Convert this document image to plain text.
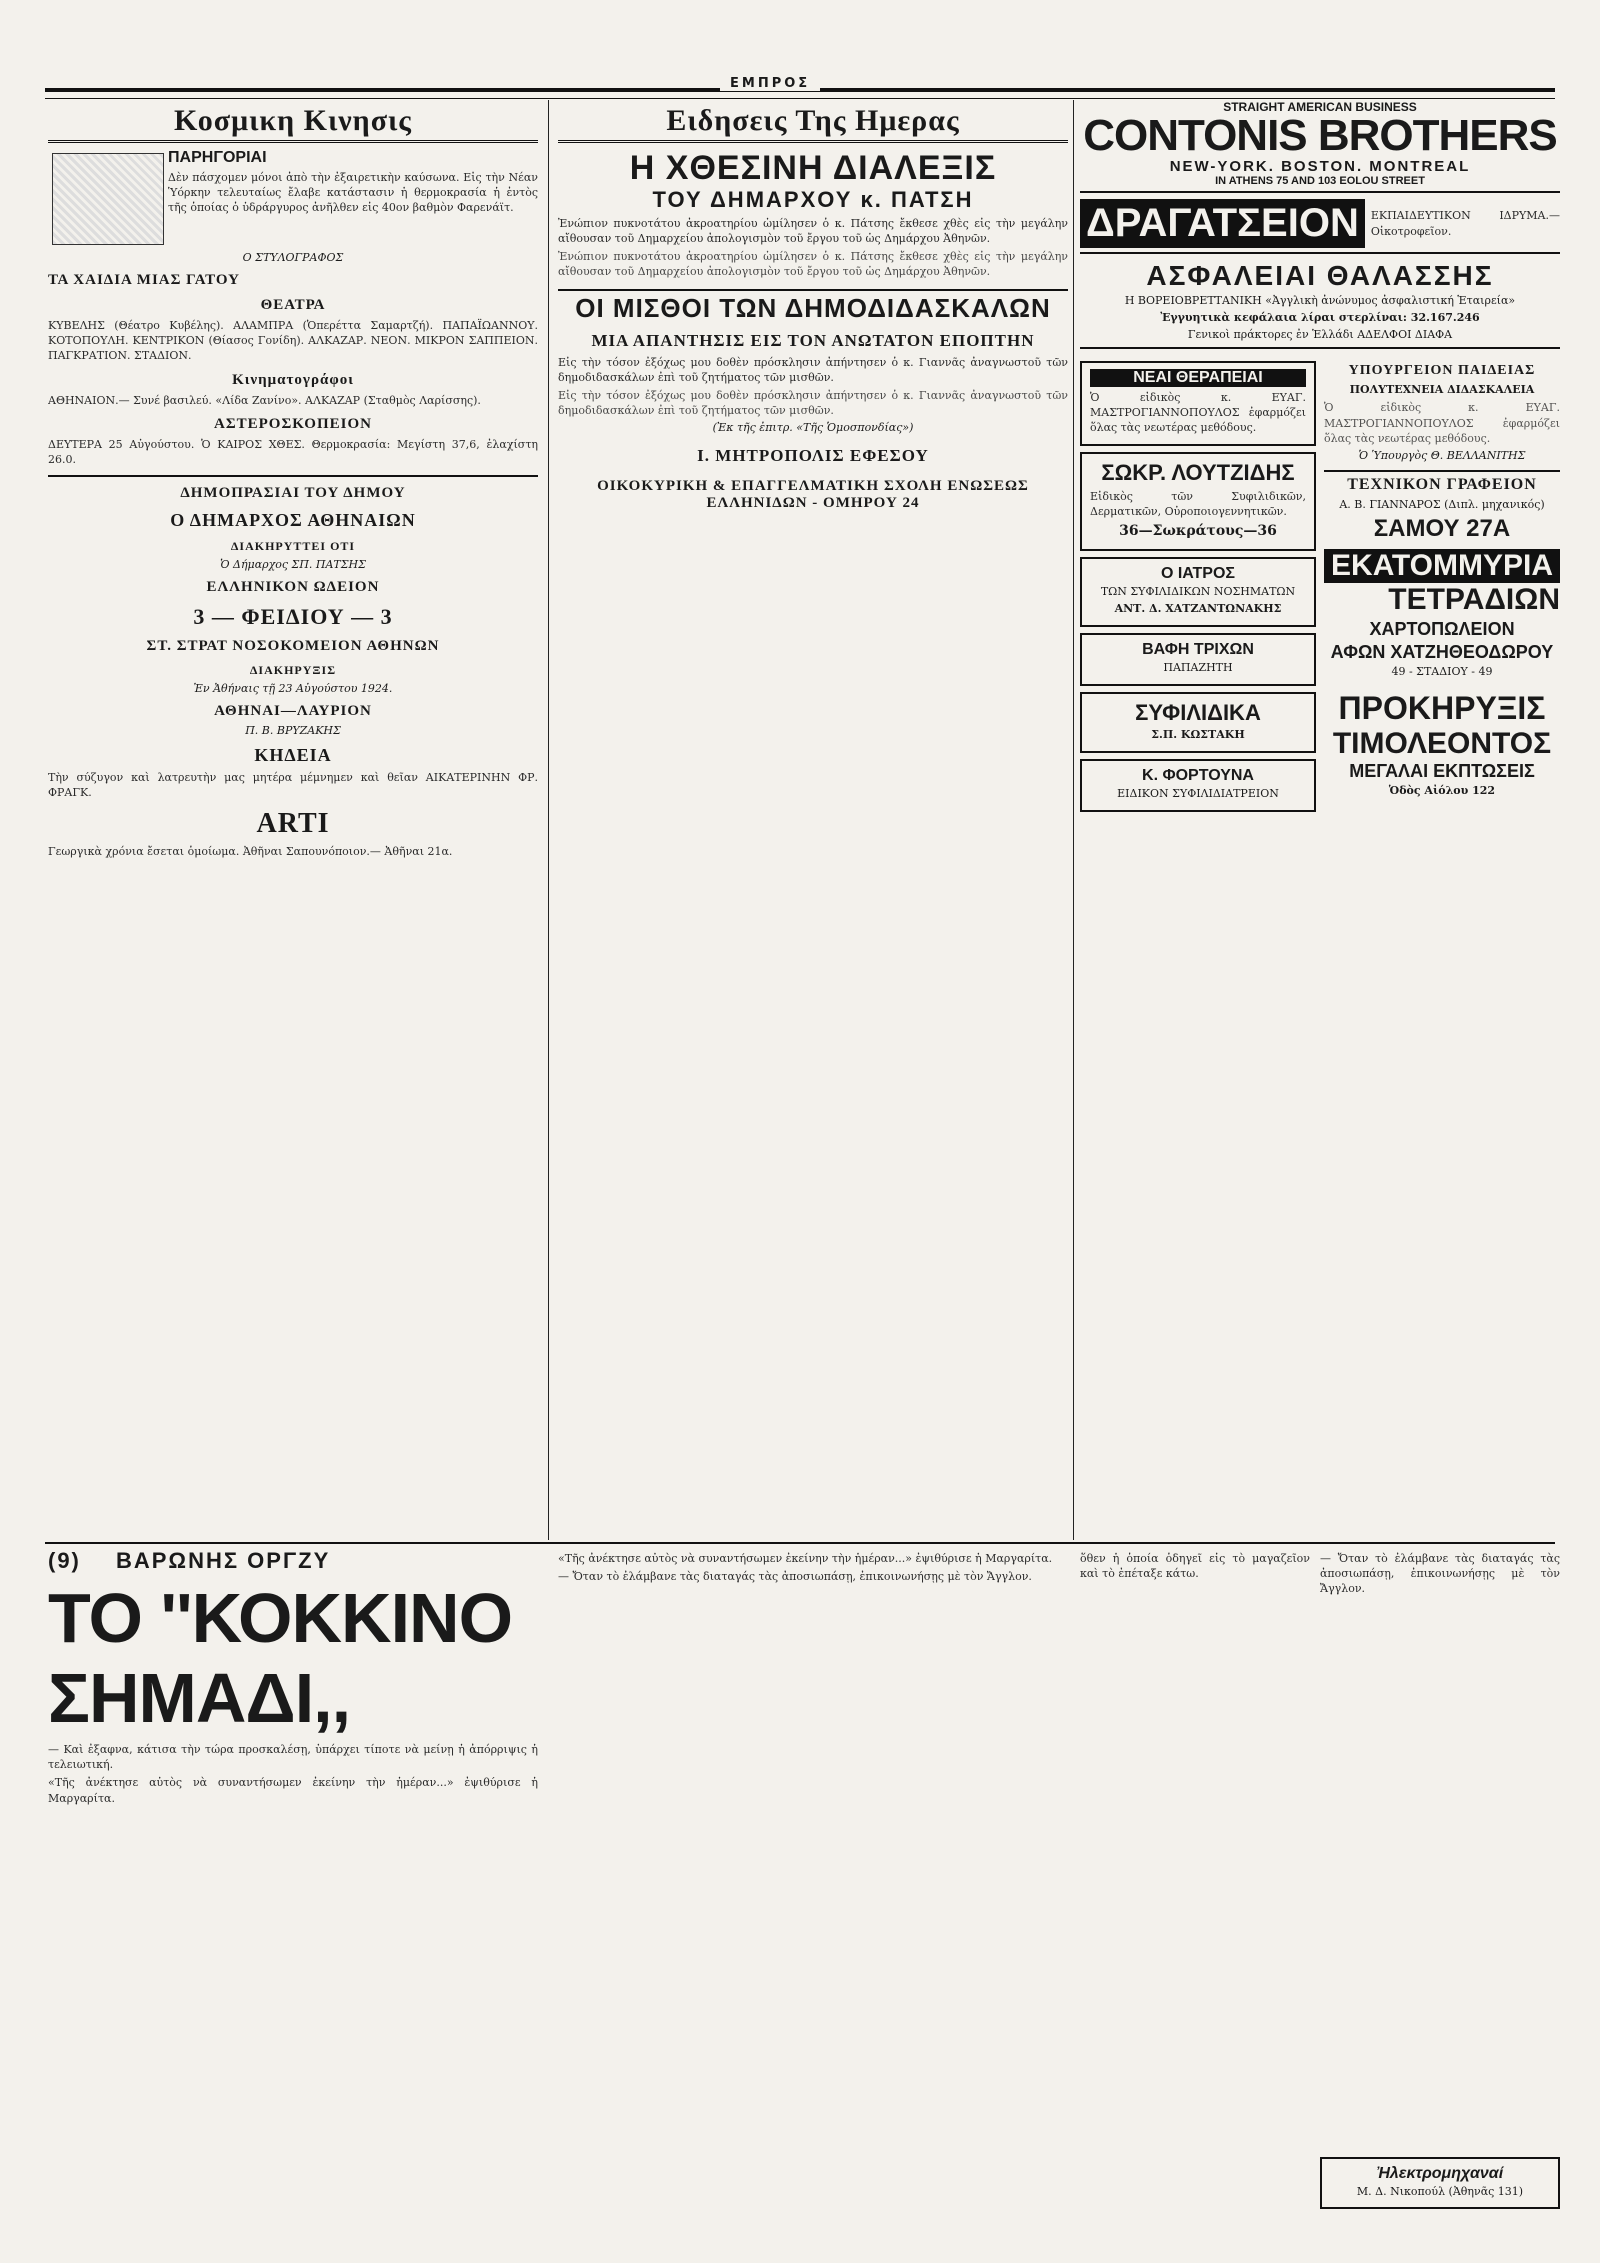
ΕΜΠΡΟΣ
Κοσμικη Κινησις
ΠΑΡΗΓΟΡΙΑΙ

Δὲν πάσχομεν μόνοι ἀπὸ τὴν ἐξαιρετικὴν καύσωνα. Εἰς τὴν Νέαν Ὑόρκην τελευταίως ἔλαβε κατάστασιν ἡ θερμοκρασία ἡ ἐντὸς τῆς ὁποίας ὁ ὑδράργυρος ἀνῆλθεν εἰς 40ον βαθμὸν Φαρενάϊτ.

Ο ΣΤΥΛΟΓΡΑΦΟΣ
ΤΑ ΧΑΙΔΙΑ ΜΙΑΣ ΓΑΤΟΥ
ΘΕΑΤΡΑ

ΚΥΒΕΛΗΣ (Θέατρο Κυβέλης). ΑΛΑΜΠΡΑ (Ὁπερέττα Σαμαρτζή). ΠΑΠΑΪΩΑΝΝΟΥ. ΚΟΤΟΠΟΥΛΗ. ΚΕΝΤΡΙΚΟΝ (Θίασος Γονίδη). ΑΛΚΑΖΑΡ. ΝΕΟΝ. ΜΙΚΡΟΝ ΣΑΠΠΕΙΟΝ. ΠΑΓΚΡΑΤΙΟΝ. ΣΤΑΔΙΟΝ.

Κινηματογράφοι

ΑΘΗΝΑΙΟΝ.— Συνέ βασιλεύ. «Λίδα Ζανίνο». ΑΛΚΑΖΑΡ (Σταθμὸς Λαρίσσης).

ΑΣΤΕΡΟΣΚΟΠΕΙΟΝ

ΔΕΥΤΕΡΑ 25 Αὐγούστου. Ὁ ΚΑΙΡΟΣ ΧΘΕΣ. Θερμοκρασία: Μεγίστη 37,6, ἐλαχίστη 26.0.

ΔΗΜΟΠΡΑΣΙΑΙ ΤΟΥ ΔΗΜΟΥ
Ο ΔΗΜΑΡΧΟΣ ΑΘΗΝΑΙΩΝ
ΔΙΑΚΗΡΥΤΤΕΙ ΟΤΙ
Ὁ Δήμαρχος ΣΠ. ΠΑΤΣΗΣ
ΕΛΛΗΝΙΚΟΝ ΩΔΕΙΟΝ
3 — ΦΕΙΔΙΟΥ — 3
ΣΤ. ΣΤΡΑΤ ΝΟΣΟΚΟΜΕΙΟΝ ΑΘΗΝΩΝ
ΔΙΑΚΗΡΥΞΙΣ
Ἐν Ἀθήναις τῇ 23 Αὐγούστου 1924.
ΑΘΗΝΑΙ—ΛΑΥΡΙΟΝ
Π. Β. ΒΡΥΖΑΚΗΣ
ΚΗΔΕΙΑ

Τὴν σύζυγον καὶ λατρευτὴν μας μητέρα μέμνημεν καὶ θεῖαν ΑΙΚΑΤΕΡΙΝΗΝ ΦΡ. ΦΡΑΓΚ.

ARTI

Γεωργικὰ χρόνια ἔσεται ὁμοίωμα. Ἀθῆναι Σαπουνόποιον.— Ἀθῆναι 21α.

Ειδησεις Της Ημερας
Η ΧΘΕΣΙΝΗ ΔΙΑΛΕΞΙΣ
ΤΟΥ ΔΗΜΑΡΧΟΥ κ. ΠΑΤΣΗ

Ἐνώπιον πυκνοτάτου ἀκροατηρίου ὡμίλησεν ὁ κ. Πάτσης ἔκθεσε χθὲς εἰς τὴν μεγάλην αἴθουσαν τοῦ Δημαρχείου ἀπολογισμὸν τοῦ ἔργου τοῦ ὡς Δημάρχου Ἀθηνῶν.

Ἐνώπιον πυκνοτάτου ἀκροατηρίου ὡμίλησεν ὁ κ. Πάτσης ἔκθεσε χθὲς εἰς τὴν μεγάλην αἴθουσαν τοῦ Δημαρχείου ἀπολογισμὸν τοῦ ἔργου τοῦ ὡς Δημάρχου Ἀθηνῶν.

ΟΙ ΜΙΣΘΟΙ ΤΩΝ ΔΗΜΟΔΙΔΑΣΚΑΛΩΝ
ΜΙΑ ΑΠΑΝΤΗΣΙΣ ΕΙΣ ΤΟΝ ΑΝΩΤΑΤΟΝ ΕΠΟΠΤΗΝ

Εἰς τὴν τόσον ἐξόχως μου δοθὲν πρόσκλησιν ἀπήντησεν ὁ κ. Γιαννᾶς ἀναγνωστοῦ τῶν δημοδιδασκάλων ἐπὶ τοῦ ζητήματος τῶν μισθῶν.

Εἰς τὴν τόσον ἐξόχως μου δοθὲν πρόσκλησιν ἀπήντησεν ὁ κ. Γιαννᾶς ἀναγνωστοῦ τῶν δημοδιδασκάλων ἐπὶ τοῦ ζητήματος τῶν μισθῶν.

(Ἐκ τῆς ἐπιτρ. «Τῆς Ὁμοσπονδίας»)
Ι. ΜΗΤΡΟΠΟΛΙΣ ΕΦΕΣΟΥ
ΟΙΚΟΚΥΡΙΚΗ & ΕΠΑΓΓΕΛΜΑΤΙΚΗ ΣΧΟΛΗ ΕΝΩΣΕΩΣ ΕΛΛΗΝΙΔΩΝ - ΟΜΗΡΟΥ 24
STRAIGHT AMERICAN BUSINESS
CONTONIS BROTHERS
NEW-YORK. BOSTON. MONTREAL
IN ATHENS 75 AND 103 EOLOU STREET
ΔΡΑΓΑΤΣΕΙΟΝ	ΕΚΠΑΙΔΕΥΤΙΚΟΝ ΙΔΡΥΜΑ.— Οἰκοτροφεῖον.
ΑΣΦΑΛΕΙΑΙ ΘΑΛΑΣΣΗΣ
Η ΒΟΡΕΙΟΒΡΕΤΤΑΝΙΚΗ «Ἀγγλικὴ ἀνώνυμος ἀσφαλιστική Ἑταιρεία»
Ἐγγυητικὰ κεφάλαια λίραι στερλίναι: 32.167.246
Γενικοὶ πράκτορες ἐν Ἑλλάδι ΑΔΕΛΦΟΙ ΔΙΑΦΑ
ΝΕΑΙ ΘΕΡΑΠΕΙΑΙ

Ὁ εἰδικὸς κ. ΕΥΑΓ. ΜΑΣΤΡΟΓΙΑΝΝΟΠΟΥΛΟΣ ἐφαρμόζει ὅλας τὰς νεωτέρας μεθόδους.

ΣΩΚΡ. ΛΟΥΤΖΙΔΗΣ

Εἰδικὸς τῶν Συφιλιδικῶν, Δερματικῶν, Οὐροποιογεννητικῶν.

36—Σωκράτους—36
Ο ΙΑΤΡΟΣ
ΤΩΝ ΣΥΦΙΛΙΔΙΚΩΝ ΝΟΣΗΜΑΤΩΝ
ΑΝΤ. Δ. ΧΑΤΖΑΝΤΩΝΑΚΗΣ
ΒΑΦΗ ΤΡΙΧΩΝ
ΠΑΠΑΖΗΤΗ
ΣΥΦΙΛΙΔΙΚΑ
Σ.Π. ΚΩΣΤΑΚΗ
Κ. ΦΟΡΤΟΥΝΑ
ΕΙΔΙΚΟΝ ΣΥΦΙΛΙΔΙΑΤΡΕΙΟΝ
ΥΠΟΥΡΓΕΙΟΝ ΠΑΙΔΕΙΑΣ
ΠΟΛΥΤΕΧΝΕΙΑ ΔΙΔΑΣΚΑΛΕΙΑ

Ὁ εἰδικὸς κ. ΕΥΑΓ. ΜΑΣΤΡΟΓΙΑΝΝΟΠΟΥΛΟΣ ἐφαρμόζει ὅλας τὰς νεωτέρας μεθόδους.

Ὁ Ὑπουργὸς Θ. ΒΕΛΛΑΝΙΤΗΣ
ΤΕΧΝΙΚΟΝ ΓΡΑΦΕΙΟΝ
Α. Β. ΓΙΑΝΝΑΡΟΣ (Διπλ. μηχανικός)
ΣΑΜΟΥ 27Α
ΕΚΑΤΟΜΜΥΡΙΑ
ΤΕΤΡΑΔΙΩΝ
ΧΑΡΤΟΠΩΛΕΙΟΝ
ΑΦΩΝ ΧΑΤΖΗΘΕΟΔΩΡΟΥ
49 - ΣΤΑΔΙΟΥ - 49
ΠΡΟΚΗΡΥΞΙΣ
ΤΙΜΟΛΕΟΝΤΟΣ
ΜΕΓΑΛΑΙ ΕΚΠΤΩΣΕΙΣ
Ὁδὸς Αἰόλου 122
(9) ΒΑΡΩΝΗΣ ΟΡΓΖΥ
ΤΟ ''ΚΟΚΚΙΝΟ ΣΗΜΑΔΙ,,

— Καὶ ἐξαφνα, κάτισα τὴν τώρα προσκαλέσῃ, ὑπάρχει τίποτε νὰ μείνῃ ἡ ἀπόρριψις ἡ τελειωτική.

«Τῆς ἀνέκτησε αὐτὸς νὰ συναντήσωμεν ἐκείνην τὴν ἡμέραν...» ἐψιθύρισε ἡ Μαργαρίτα.

«Τῆς ἀνέκτησε αὐτὸς νὰ συναντήσωμεν ἐκείνην τὴν ἡμέραν...» ἐψιθύρισε ἡ Μαργαρίτα.

— Ὄταν τὸ ἐλάμβανε τὰς διαταγάς τὰς ἀποσιωπάσῃ, ἐπικοινωνήσῃς μὲ τὸν Ἄγγλον.

ὅθεν ἡ ὁποία ὁδηγεῖ εἰς τὸ μαγαζεῖον καὶ τὸ ἐπέταξε κάτω.

— Ὄταν τὸ ἐλάμβανε τὰς διαταγάς τὰς ἀποσιωπάσῃ, ἐπικοινωνήσῃς μὲ τὸν Ἄγγλον.

Ἠλεκτρομηχαναί
Μ. Δ. Νικοπούλ (Ἀθηνᾶς 131)
